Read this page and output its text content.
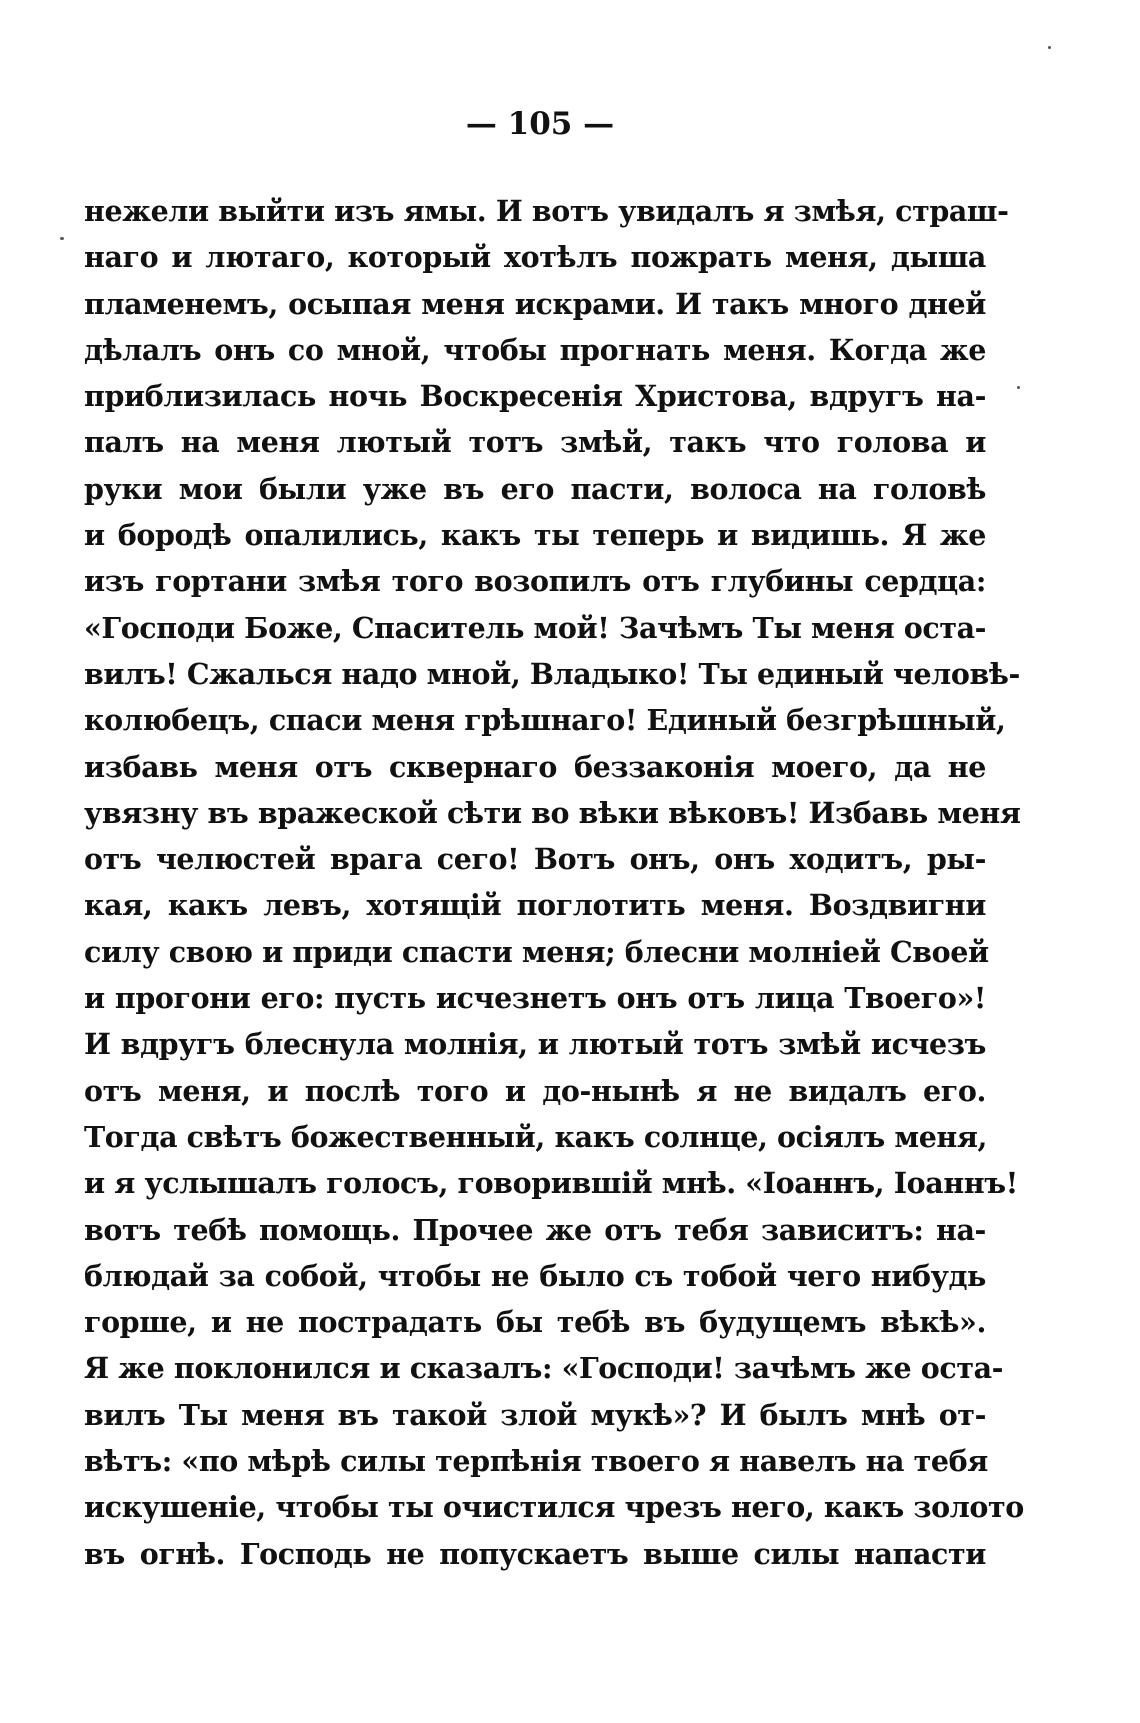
— 105 —
нежели выйти изъ ямы. И вотъ увидалъ я змѣя, страш-
наго и лютаго, который хотѣлъ пожрать меня, дыша
пламенемъ, осыпая меня искрами. И такъ много дней
дѣлалъ онъ со мной, чтобы прогнать меня. Когда же
приблизилась ночь Воскресенія Христова, вдругъ на-
палъ на меня лютый тотъ змѣй, такъ что голова и
руки мои были уже въ его пасти, волоса на головѣ
и бородѣ опалились, какъ ты теперь и видишь. Я же
изъ гортани змѣя того возопилъ отъ глубины сердца:
«Господи Боже, Спаситель мой! Зачѣмъ Ты меня оста-
вилъ! Сжалься надо мной, Владыко! Ты единый человѣ-
колюбецъ, спаси меня грѣшнаго! Единый безгрѣшный,
избавь меня отъ сквернаго беззаконія моего, да не
увязну въ вражеской сѣти во вѣки вѣковъ! Избавь меня
отъ челюстей врага сего! Вотъ онъ, онъ ходитъ, ры-
кая, какъ левъ, хотящій поглотить меня. Воздвигни
силу свою и приди спасти меня; блесни молніей Своей
и прогони его: пусть исчезнетъ онъ отъ лица Твоего»!
И вдругъ блеснула молнія, и лютый тотъ змѣй исчезъ
отъ меня, и послѣ того и до-нынѣ я не видалъ его.
Тогда свѣтъ божественный, какъ солнце, осіялъ меня,
и я услышалъ голосъ, говорившій мнѣ. «Іоаннъ, Іоаннъ!
вотъ тебѣ помощь. Прочее же отъ тебя зависитъ: на-
блюдай за собой, чтобы не было съ тобой чего нибудь
горше, и не пострадать бы тебѣ въ будущемъ вѣкѣ».
Я же поклонился и сказалъ: «Господи! зачѣмъ же оста-
вилъ Ты меня въ такой злой мукѣ»? И былъ мнѣ от-
вѣтъ: «по мѣрѣ силы терпѣнія твоего я навелъ на тебя
искушеніе, чтобы ты очистился чрезъ него, какъ золото
въ огнѣ. Господь не попускаетъ выше силы напасти
